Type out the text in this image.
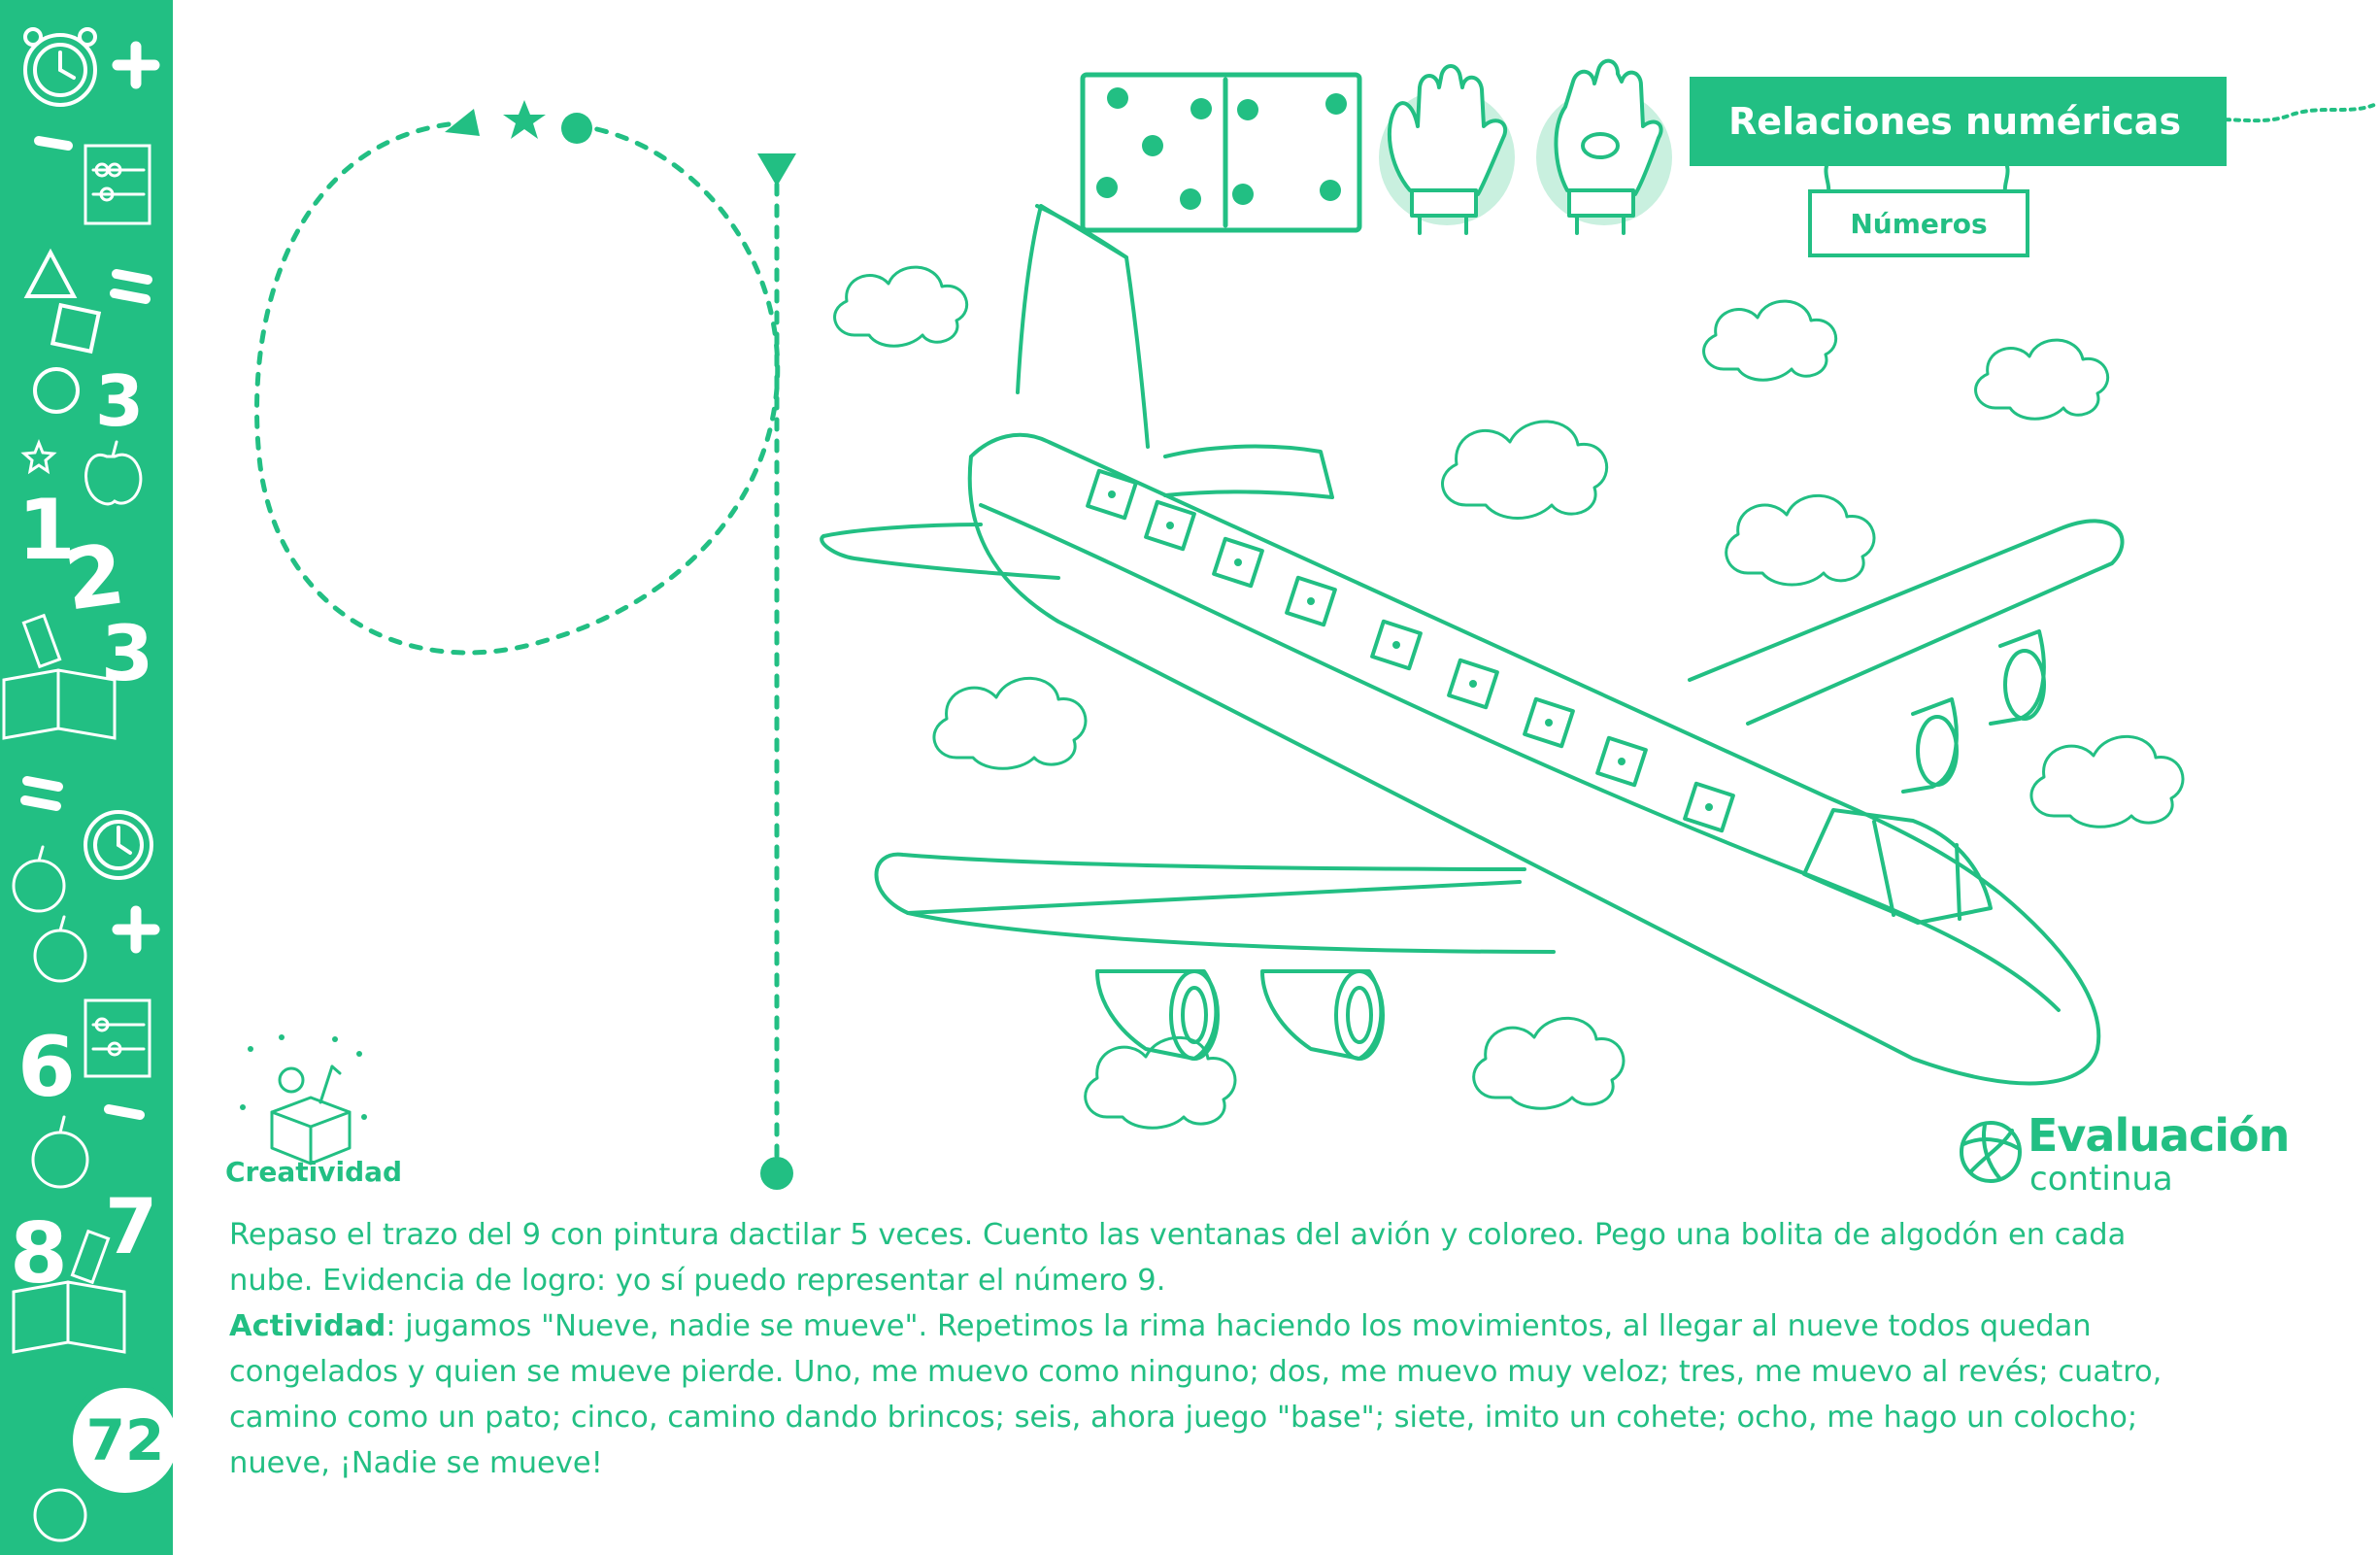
3
1
2
3
6
7
8
72
Relaciones numéricas
Números
Creatividad
Evaluación
continua

Repaso el trazo del 9 con pintura dactilar 5 veces. Cuento las ventanas del avión y coloreo. Pego una bolita de algodón en cada nube. Evidencia de logro: yo sí puedo representar el número 9.

Actividad: jugamos "Nueve, nadie se mueve". Repetimos la rima haciendo los movimientos, al llegar al nueve todos quedan congelados y quien se mueve pierde. Uno, me muevo como ninguno; dos, me muevo muy veloz; tres, me muevo al revés; cuatro, camino como un pato; cinco, camino dando brincos; seis, ahora juego "base"; siete, imito un cohete; ocho, me hago un colocho; nueve, ¡Nadie se mueve!
